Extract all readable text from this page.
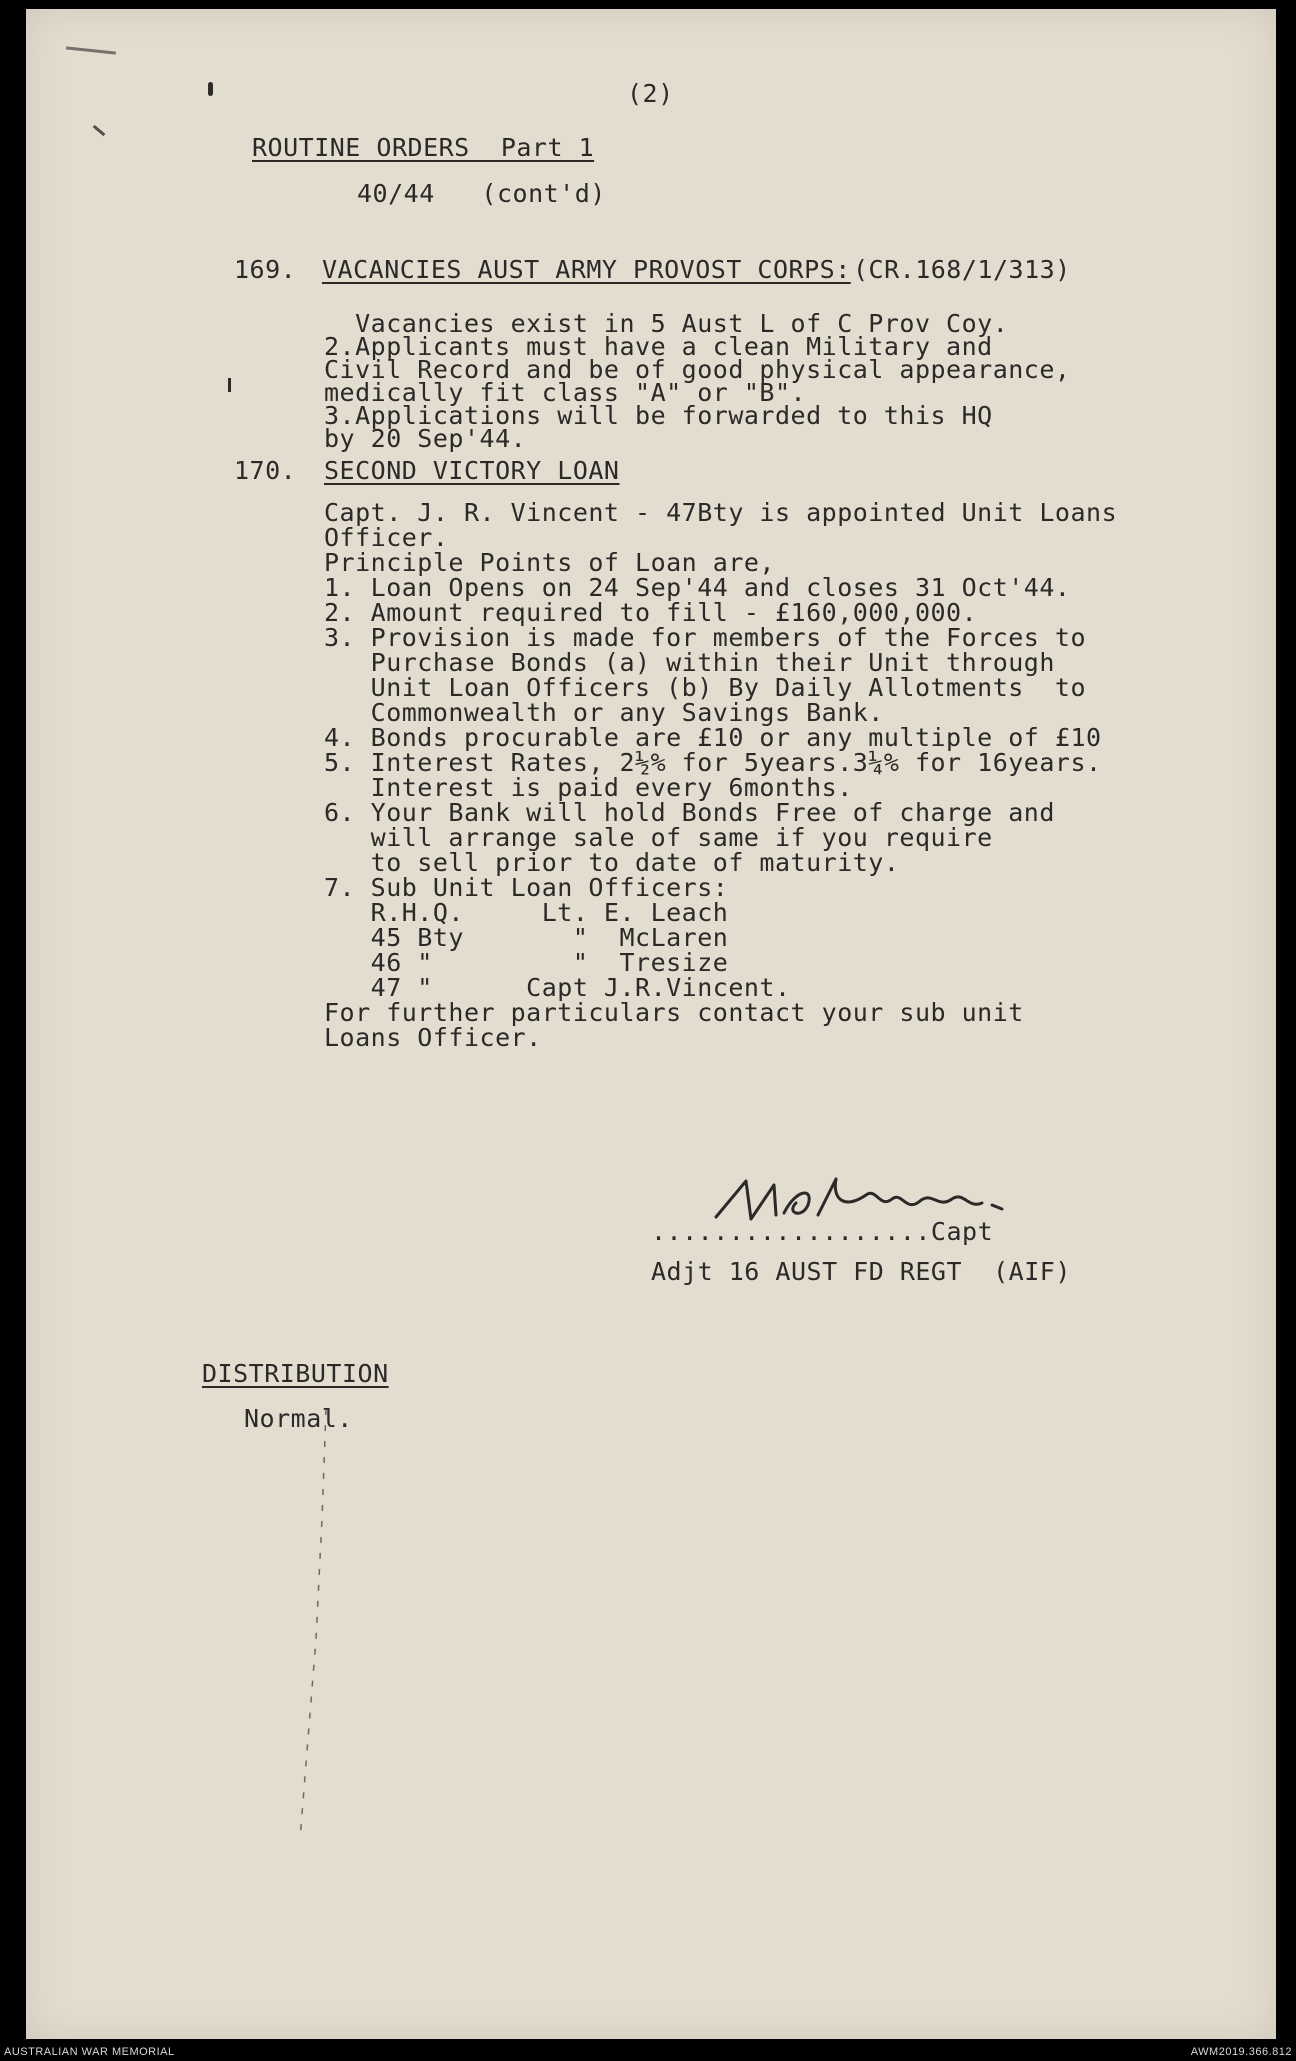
(2)
ROUTINE ORDERS  Part 1
40/44   (cont'd)
169. VACANCIES AUST ARMY PROVOST CORPS: (CR.168/1/313)
Vacancies exist in 5 Aust L of C Prov Coy.
2.Applicants must have a clean Military and
Civil Record and be of good physical appearance,
medically fit class "A" or "B".
3.Applications will be forwarded to this HQ
by 20 Sep'44.
170. SECOND VICTORY LOAN
Capt. J. R. Vincent - 47Bty is appointed Unit Loans
Officer.
Principle Points of Loan are,
1. Loan Opens on 24 Sep'44 and closes 31 Oct'44.
2. Amount required to fill - £160,000,000.
3. Provision is made for members of the Forces to
Purchase Bonds (a) within their Unit through
Unit Loan Officers (b) By Daily Allotments  to
Commonwealth or any Savings Bank.
4. Bonds procurable are £10 or any multiple of £10
5. Interest Rates, 2½% for 5years.3¼% for 16years.
Interest is paid every 6months.
6. Your Bank will hold Bonds Free of charge and
will arrange sale of same if you require
to sell prior to date of maturity.
7. Sub Unit Loan Officers:
R.H.Q.     Lt. E. Leach
45 Bty       "  McLaren
46 "         "  Tresize
47 "      Capt J.R.Vincent.
For further particulars contact your sub unit
Loans Officer.
..................Capt
Adjt 16 AUST FD REGT  (AIF)
DISTRIBUTION
Normal.
AUSTRALIAN WAR MEMORIAL	AWM2019.366.812
